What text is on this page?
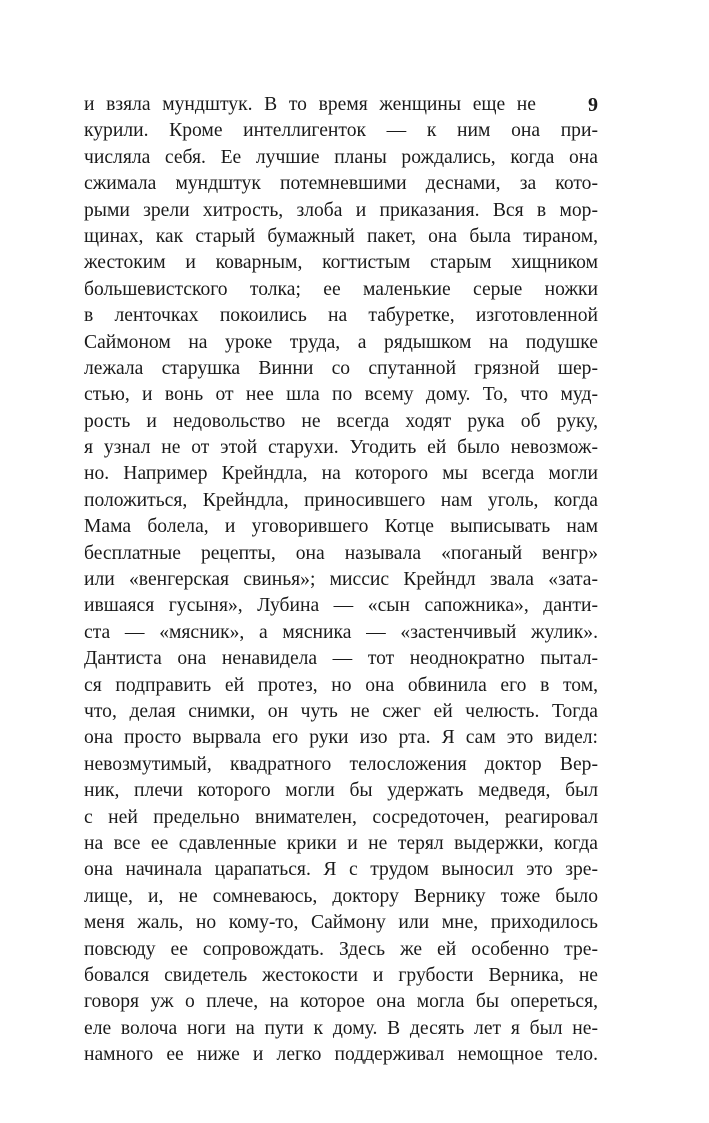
9
и взяла мундштук. В то время женщины еще не
курили. Кроме интеллигенток — к ним она при-
числяла себя. Ее лучшие планы рождались, когда она
сжимала мундштук потемневшими деснами, за кото-
рыми зрели хитрость, злоба и приказания. Вся в мор-
щинах, как старый бумажный пакет, она была тираном,
жестоким и коварным, когтистым старым хищником
большевистского толка; ее маленькие серые ножки
в ленточках покоились на табуретке, изготовленной
Саймоном на уроке труда, а рядышком на подушке
лежала старушка Винни со спутанной грязной шер-
стью, и вонь от нее шла по всему дому. То, что муд-
рость и недовольство не всегда ходят рука об руку,
я узнал не от этой старухи. Угодить ей было невозмож-
но. Например Крейндла, на которого мы всегда могли
положиться, Крейндла, приносившего нам уголь, когда
Мама болела, и уговорившего Котце выписывать нам
бесплатные рецепты, она называла «поганый венгр»
или «венгерская свинья»; миссис Крейндл звала «зата-
ившаяся гусыня», Лубина — «сын сапожника», данти-
ста — «мясник», а мясника — «застенчивый жулик».
Дантиста она ненавидела — тот неоднократно пытал-
ся подправить ей протез, но она обвинила его в том,
что, делая снимки, он чуть не сжег ей челюсть. Тогда
она просто вырвала его руки изо рта. Я сам это видел:
невозмутимый, квадратного телосложения доктор Вер-
ник, плечи которого могли бы удержать медведя, был
с ней предельно внимателен, сосредоточен, реагировал
на все ее сдавленные крики и не терял выдержки, когда
она начинала царапаться. Я с трудом выносил это зре-
лище, и, не сомневаюсь, доктору Вернику тоже было
меня жаль, но кому-то, Саймону или мне, приходилось
повсюду ее сопровождать. Здесь же ей особенно тре-
бовался свидетель жестокости и грубости Верника, не
говоря уж о плече, на которое она могла бы опереться,
еле волоча ноги на пути к дому. В десять лет я был не-
намного ее ниже и легко поддерживал немощное тело.
